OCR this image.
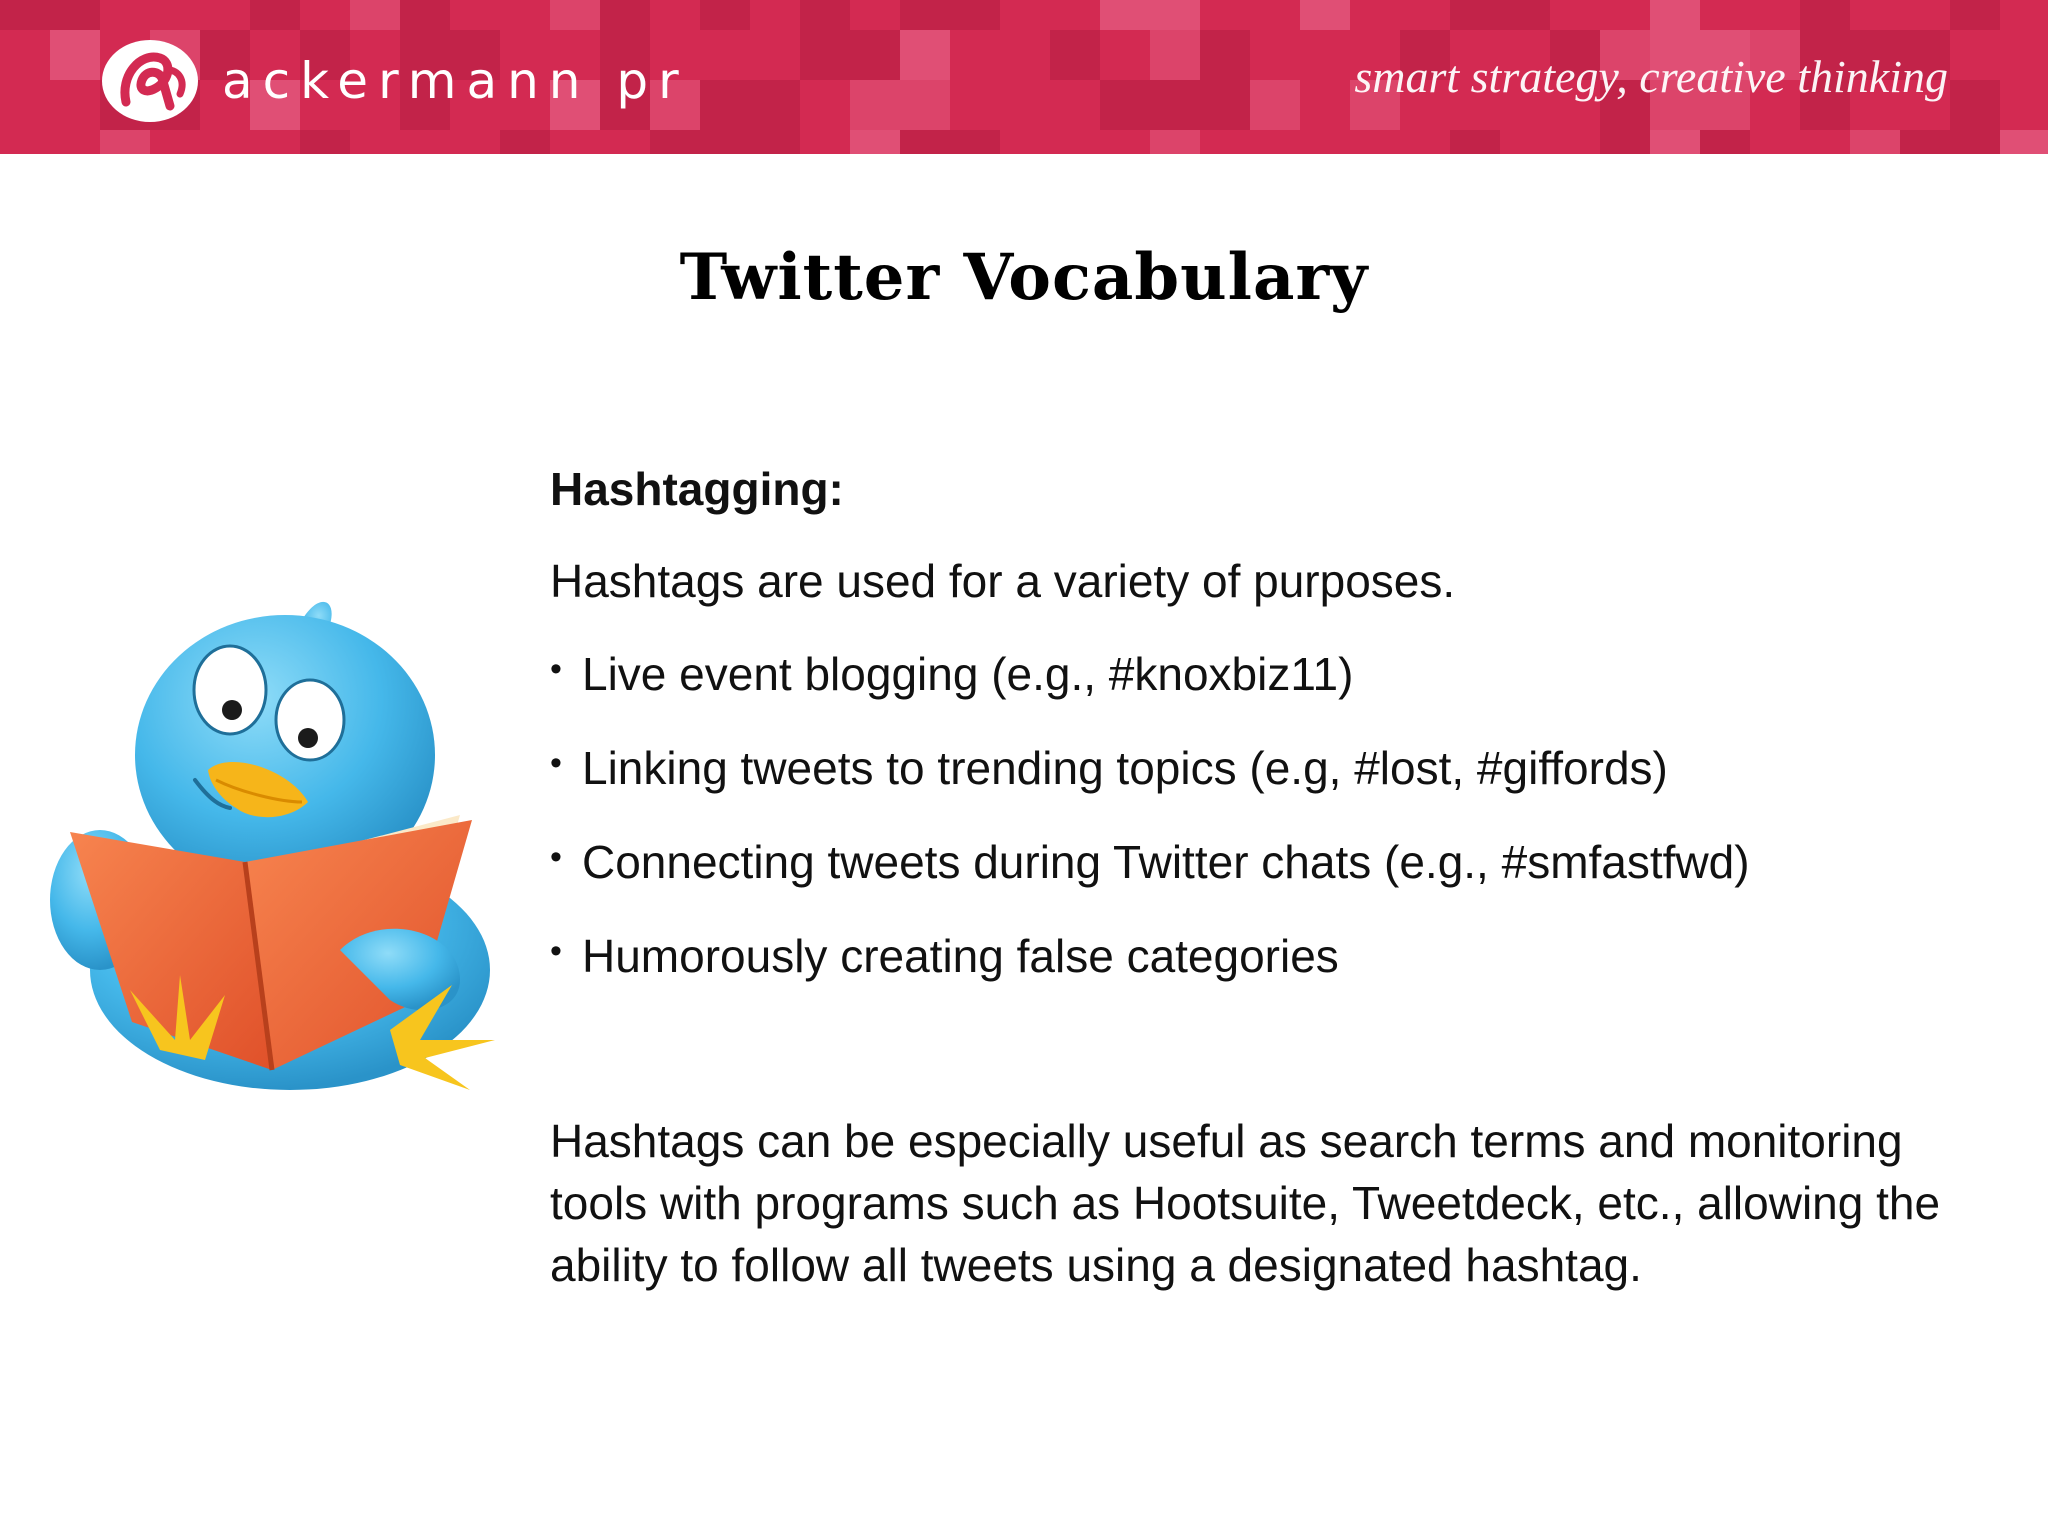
ackermann pr	smart strategy, creative thinking
Twitter Vocabulary

Hashtagging:

Hashtags are used for a variety of purposes.

• Live event blogging (e.g., #knoxbiz11)
• Linking tweets to trending topics (e.g, #lost, #giffords)
• Connecting tweets during Twitter chats (e.g., #smfastfwd)
• Humorously creating false categories

Hashtags can be especially useful as search terms and monitoring tools with programs such as Hootsuite, Tweetdeck, etc., allowing the ability to follow all tweets using a designated hashtag.
